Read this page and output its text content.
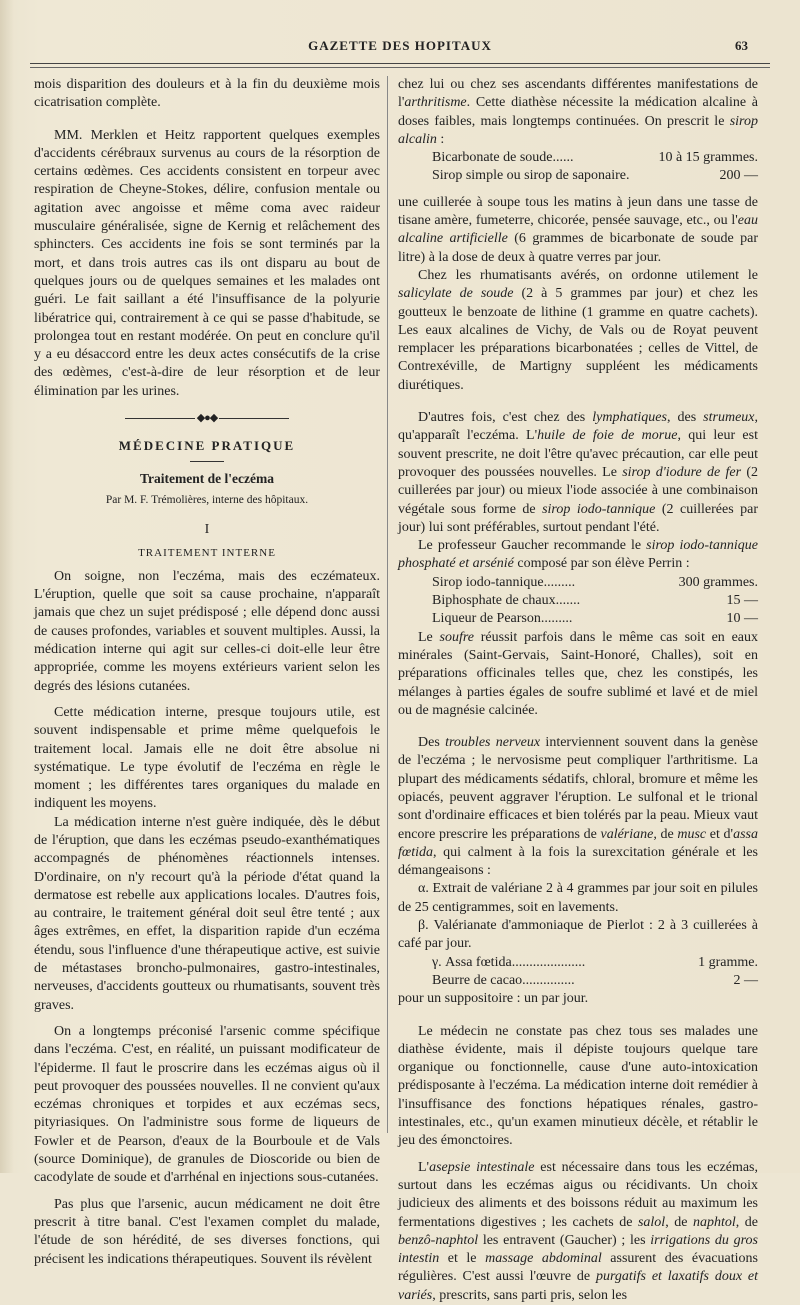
GAZETTE DES HOPITAUX	63

mois disparition des douleurs et à la fin du deuxième mois cicatrisation complète.

MM. Merklen et Heitz rapportent quelques exemples d'accidents cérébraux survenus au cours de la résorption de certains œdèmes. Ces accidents consistent en torpeur avec respiration de Cheyne-Stokes, délire, confusion mentale ou agitation avec angoisse et même coma avec raideur musculaire généralisée, signe de Kernig et relâchement des sphincters. Ces accidents ine fois se sont terminés par la mort, et dans trois autres cas ils ont disparu au bout de quelques jours ou de quelques semaines et les malades ont guéri. Le fait saillant a été l'insuffisance de la polyurie libératrice qui, contrairement à ce qui se passe d'habitude, se prolongea tout en restant modérée. On peut en conclure qu'il y a eu désaccord entre les deux actes consécutifs de la crise des œdèmes, c'est-à-dire de leur résorption et de leur élimination par les urines.

◆●◆
MÉDECINE PRATIQUE
Traitement de l'eczéma
Par M. F. Trémolières, interne des hôpitaux.
I
TRAITEMENT INTERNE

On soigne, non l'eczéma, mais des eczémateux. L'éruption, quelle que soit sa cause prochaine, n'apparaît jamais que chez un sujet prédisposé ; elle dépend donc aussi de causes profondes, variables et souvent multiples. Aussi, la médication interne qui agit sur celles-ci doit-elle leur être appropriée, comme les moyens extérieurs varient selon les degrés des lésions cutanées.

Cette médication interne, presque toujours utile, est souvent indispensable et prime même quelquefois le traitement local. Jamais elle ne doit être absolue ni systématique. Le type évolutif de l'eczéma en règle le moment ; les différentes tares organiques du malade en indiquent les moyens.

La médication interne n'est guère indiquée, dès le début de l'éruption, que dans les eczémas pseudo-exanthématiques accompagnés de phénomènes réactionnels intenses. D'ordinaire, on n'y recourt qu'à la période d'état quand la dermatose est rebelle aux applications locales. D'autres fois, au contraire, le traitement général doit seul être tenté ; aux âges extrêmes, en effet, la disparition rapide d'un eczéma étendu, sous l'influence d'une thérapeutique active, est suivie de métastases broncho-pulmonaires, gastro-intestinales, nerveuses, d'accidents goutteux ou rhumatisants, souvent très graves.

On a longtemps préconisé l'arsenic comme spécifique dans l'eczéma. C'est, en réalité, un puissant modificateur de l'épiderme. Il faut le proscrire dans les eczémas aigus où il peut provoquer des poussées nouvelles. Il ne convient qu'aux eczémas chroniques et torpides et aux eczémas secs, pityriasiques. On l'administre sous forme de liqueurs de Fowler et de Pearson, d'eaux de la Bourboule et de Vals (source Dominique), de granules de Dioscoride ou bien de cacodylate de soude et d'arrhénal en injections sous-cutanées.

Pas plus que l'arsenic, aucun médicament ne doit être prescrit à titre banal. C'est l'examen complet du malade, l'étude de son hérédité, de ses diverses fonctions, qui précisent les indications thérapeutiques. Souvent ils révèlent

chez lui ou chez ses ascendants différentes manifestations de l'arthritisme. Cette diathèse nécessite la médication alcaline à doses faibles, mais longtemps continuées. On prescrit le sirop alcalin :

Bicarbonate de soude ......	10 à 15 grammes.
Sirop simple ou sirop de saponaire.	200 —

une cuillerée à soupe tous les matins à jeun dans une tasse de tisane amère, fumeterre, chicorée, pensée sauvage, etc., ou l'eau alcaline artificielle (6 grammes de bicarbonate de soude par litre) à la dose de deux à quatre verres par jour.

Chez les rhumatisants avérés, on ordonne utilement le salicylate de soude (2 à 5 grammes par jour) et chez les goutteux le benzoate de lithine (1 gramme en quatre cachets). Les eaux alcalines de Vichy, de Vals ou de Royat peuvent remplacer les préparations bicarbonatées ; celles de Vittel, de Contrexéville, de Martigny suppléent les médicaments diurétiques.

D'autres fois, c'est chez des lymphatiques, des strumeux, qu'apparaît l'eczéma. L'huile de foie de morue, qui leur est souvent prescrite, ne doit l'être qu'avec précaution, car elle peut provoquer des poussées nouvelles. Le sirop d'iodure de fer (2 cuillerées par jour) ou mieux l'iode associée à une combinaison végétale sous forme de sirop iodo-tannique (2 cuillerées par jour) lui sont préférables, surtout pendant l'été.

Le professeur Gaucher recommande le sirop iodo-tannique phosphaté et arsénié composé par son élève Perrin :

Sirop iodo-tannique .........	300 grammes.
Biphosphate de chaux .......	15 —
Liqueur de Pearson .........	10 —

Le soufre réussit parfois dans le même cas soit en eaux minérales (Saint-Gervais, Saint-Honoré, Challes), soit en préparations officinales telles que, chez les constipés, les mélanges à parties égales de soufre sublimé et lavé et de miel ou de magnésie calcinée.

Des troubles nerveux interviennent souvent dans la genèse de l'eczéma ; le nervosisme peut compliquer l'arthritisme. La plupart des médicaments sédatifs, chloral, bromure et même les opiacés, peuvent aggraver l'éruption. Le sulfonal et le trional sont d'ordinaire efficaces et bien tolérés par la peau. Mieux vaut encore prescrire les préparations de valériane, de musc et d'assa fœtida, qui calment à la fois la surexcitation générale et les démangeaisons :

α. Extrait de valériane 2 à 4 grammes par jour soit en pilules de 25 centigrammes, soit en lavements.

β. Valérianate d'ammoniaque de Pierlot : 2 à 3 cuillerées à café par jour.

γ. Assa fœtida .....................	1 gramme.
Beurre de cacao ...............	2 —

pour un suppositoire : un par jour.

Le médecin ne constate pas chez tous ses malades une diathèse évidente, mais il dépiste toujours quelque tare organique ou fonctionnelle, cause d'une auto-intoxication prédisposante à l'eczéma. La médication interne doit remédier à l'insuffisance des fonctions hépatiques rénales, gastro-intestinales, etc., qu'un examen minutieux décèle, et rétablir le jeu des émonctoires.

L'asepsie intestinale est nécessaire dans tous les eczémas, surtout dans les eczémas aigus ou récidivants. Un choix judicieux des aliments et des boissons réduit au maximum les fermentations digestives ; les cachets de salol, de naphtol, de benzô-naphtol les entravent (Gaucher) ; les irrigations du gros intestin et le massage abdominal assurent des évacuations régulières. C'est aussi l'œuvre de purgatifs et laxatifs doux et variés, prescrits, sans parti pris, selon les
